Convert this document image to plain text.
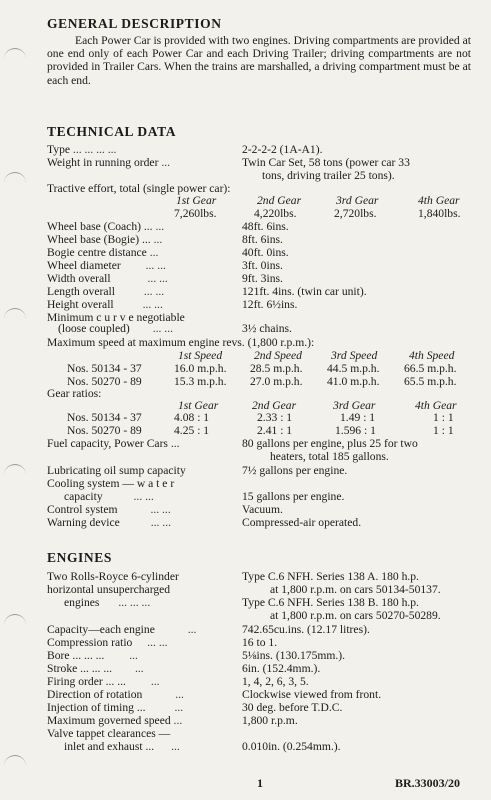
GENERAL DESCRIPTION
Each Power Car is provided with two engines. Driving compartments are provided at one end only of each Power Car and each Driving Trailer; driving compartments are not provided in Trailer Cars. When the trains are marshalled, a driving compartment must be at each end.
TECHNICAL DATA
Type ... ... ... ...	2-2-2-2 (1A-A1).
Weight in running order ...	Twin Car Set, 58 tons (power car 33
tons, driving trailer 25 tons).
Tractive effort, total (single power car):
1st Gear	2nd Gear	3rd Gear	4th Gear
7,260lbs.	4,220lbs.	2,720lbs.	1,840lbs.
Wheel base (Coach) ... ...	48ft. 6ins.
Wheel base (Bogie) ... ...	8ft. 6ins.
Bogie centre distance ...	40ft. 0ins.
Wheel diameter ... ...	3ft. 0ins.
Width overall	... ...	9ft. 3ins.
Length overall ... ...	121ft. 4ins. (twin car unit).
Height overall ... ...	12ft. 6½ins.
Minimum c u r v e negotiable
(loose coupled) ... ...	3½ chains.
Maximum speed at maximum engine revs. (1,800 r.p.m.):
1st Speed	2nd Speed	3rd Speed	4th Speed
Nos. 50134 - 37	16.0 m.p.h. 28.5 m.p.h. 44.5 m.p.h. 66.5 m.p.h.
Nos. 50270 - 89	15.3 m.p.h. 27.0 m.p.h. 41.0 m.p.h. 65.5 m.p.h.
Gear ratios:
1st Gear	2nd Gear	3rd Gear	4th Gear
Nos. 50134 - 37	4.08 : 1	2.33 : 1	1.49 : 1	1 : 1
Nos. 50270 - 89	4.25 : 1	2.41 : 1	1.596 : 1	1 : 1
Fuel capacity, Power Cars ...	80 gallons per engine, plus 25 for two
heaters, total 185 gallons.
Lubricating oil sump capacity	7½ gallons per engine.
Cooling system — w a t e r
capacity	... ...	15 gallons per engine.
Control system	... ...	Vacuum.
Warning device	... ...	Compressed-air operated.
ENGINES
Two Rolls-Royce 6-cylinder
horizontal unsupercharged
engines ... ... ...
Type C.6 NFH. Series 138 A. 180 h.p.
at 1,800 r.p.m. on cars 50134-50137.
Type C.6 NFH. Series 138 B. 180 h.p.
at 1,800 r.p.m. on cars 50270-50289.
Capacity—each engine	...	742.65cu.ins. (12.17 litres).
Compression ratio ... ...	16 to 1.
Bore ... ... ... ...	5⅛ins. (130.175mm.).
Stroke ... ... ... ...	6in. (152.4mm.).
Firing order ... ... ...	1, 4, 2, 6, 3, 5.
Direction of rotation	...	Clockwise viewed from front.
Injection of timing ... ...	30 deg. before T.D.C.
Maximum governed speed ...	1,800 r.p.m.
Valve tappet clearances —
inlet and exhaust ... ...	0.010in. (0.254mm.).
1	BR.33003/20
